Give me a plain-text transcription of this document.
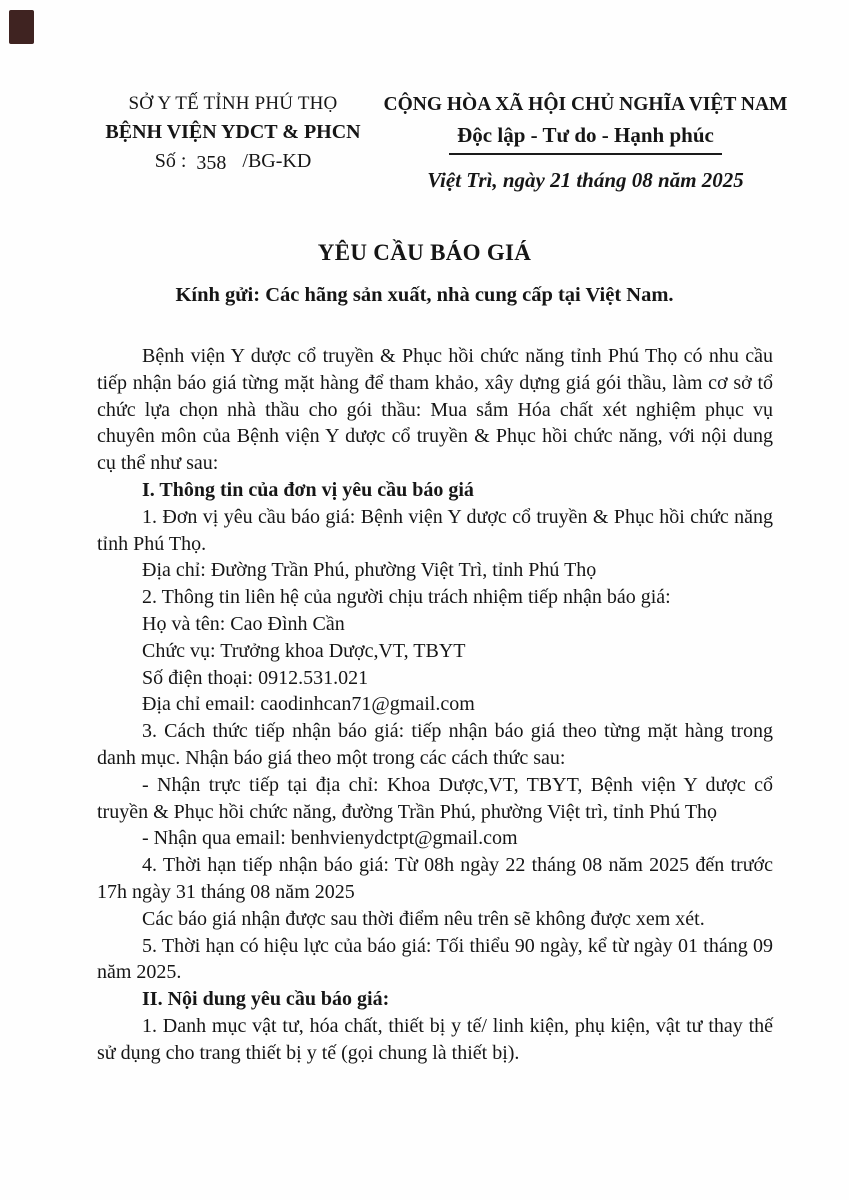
SỞ Y TẾ TỈNH PHÚ THỌ
BỆNH VIỆN YDCT & PHCN
Số : 358 /BG-KD
CỘNG HÒA XÃ HỘI CHỦ NGHĨA VIỆT NAM
Độc lập - Tư do - Hạnh phúc
Việt Trì, ngày 21 tháng 08 năm 2025
YÊU CẦU BÁO GIÁ
Kính gửi: Các hãng sản xuất, nhà cung cấp tại Việt Nam.

Bệnh viện Y dược cổ truyền & Phục hồi chức năng tỉnh Phú Thọ có nhu cầu tiếp nhận báo giá từng mặt hàng để tham khảo, xây dựng giá gói thầu, làm cơ sở tổ chức lựa chọn nhà thầu cho gói thầu: Mua sắm Hóa chất xét nghiệm phục vụ chuyên môn của Bệnh viện Y dược cổ truyền & Phục hồi chức năng, với nội dung cụ thể như sau:

I. Thông tin của đơn vị yêu cầu báo giá

1. Đơn vị yêu cầu báo giá: Bệnh viện Y dược cổ truyền & Phục hồi chức năng tỉnh Phú Thọ.

Địa chỉ: Đường Trần Phú, phường Việt Trì, tỉnh Phú Thọ

2. Thông tin liên hệ của người chịu trách nhiệm tiếp nhận báo giá:

Họ và tên: Cao Đình Cần

Chức vụ: Trưởng khoa Dược,VT, TBYT

Số điện thoại: 0912.531.021

Địa chỉ email: caodinhcan71@gmail.com

3. Cách thức tiếp nhận báo giá: tiếp nhận báo giá theo từng mặt hàng trong danh mục. Nhận báo giá theo một trong các cách thức sau:

- Nhận trực tiếp tại địa chỉ: Khoa Dược,VT, TBYT, Bệnh viện Y dược cổ truyền & Phục hồi chức năng, đường Trần Phú, phường Việt trì, tỉnh Phú Thọ

- Nhận qua email: benhvienydctpt@gmail.com

4. Thời hạn tiếp nhận báo giá: Từ 08h ngày 22 tháng 08 năm 2025 đến trước 17h ngày 31 tháng 08 năm 2025

Các báo giá nhận được sau thời điểm nêu trên sẽ không được xem xét.

5. Thời hạn có hiệu lực của báo giá: Tối thiểu 90 ngày, kể từ ngày 01 tháng 09 năm 2025.

II. Nội dung yêu cầu báo giá:

1. Danh mục vật tư, hóa chất, thiết bị y tế/ linh kiện, phụ kiện, vật tư thay thế sử dụng cho trang thiết bị y tế (gọi chung là thiết bị).
